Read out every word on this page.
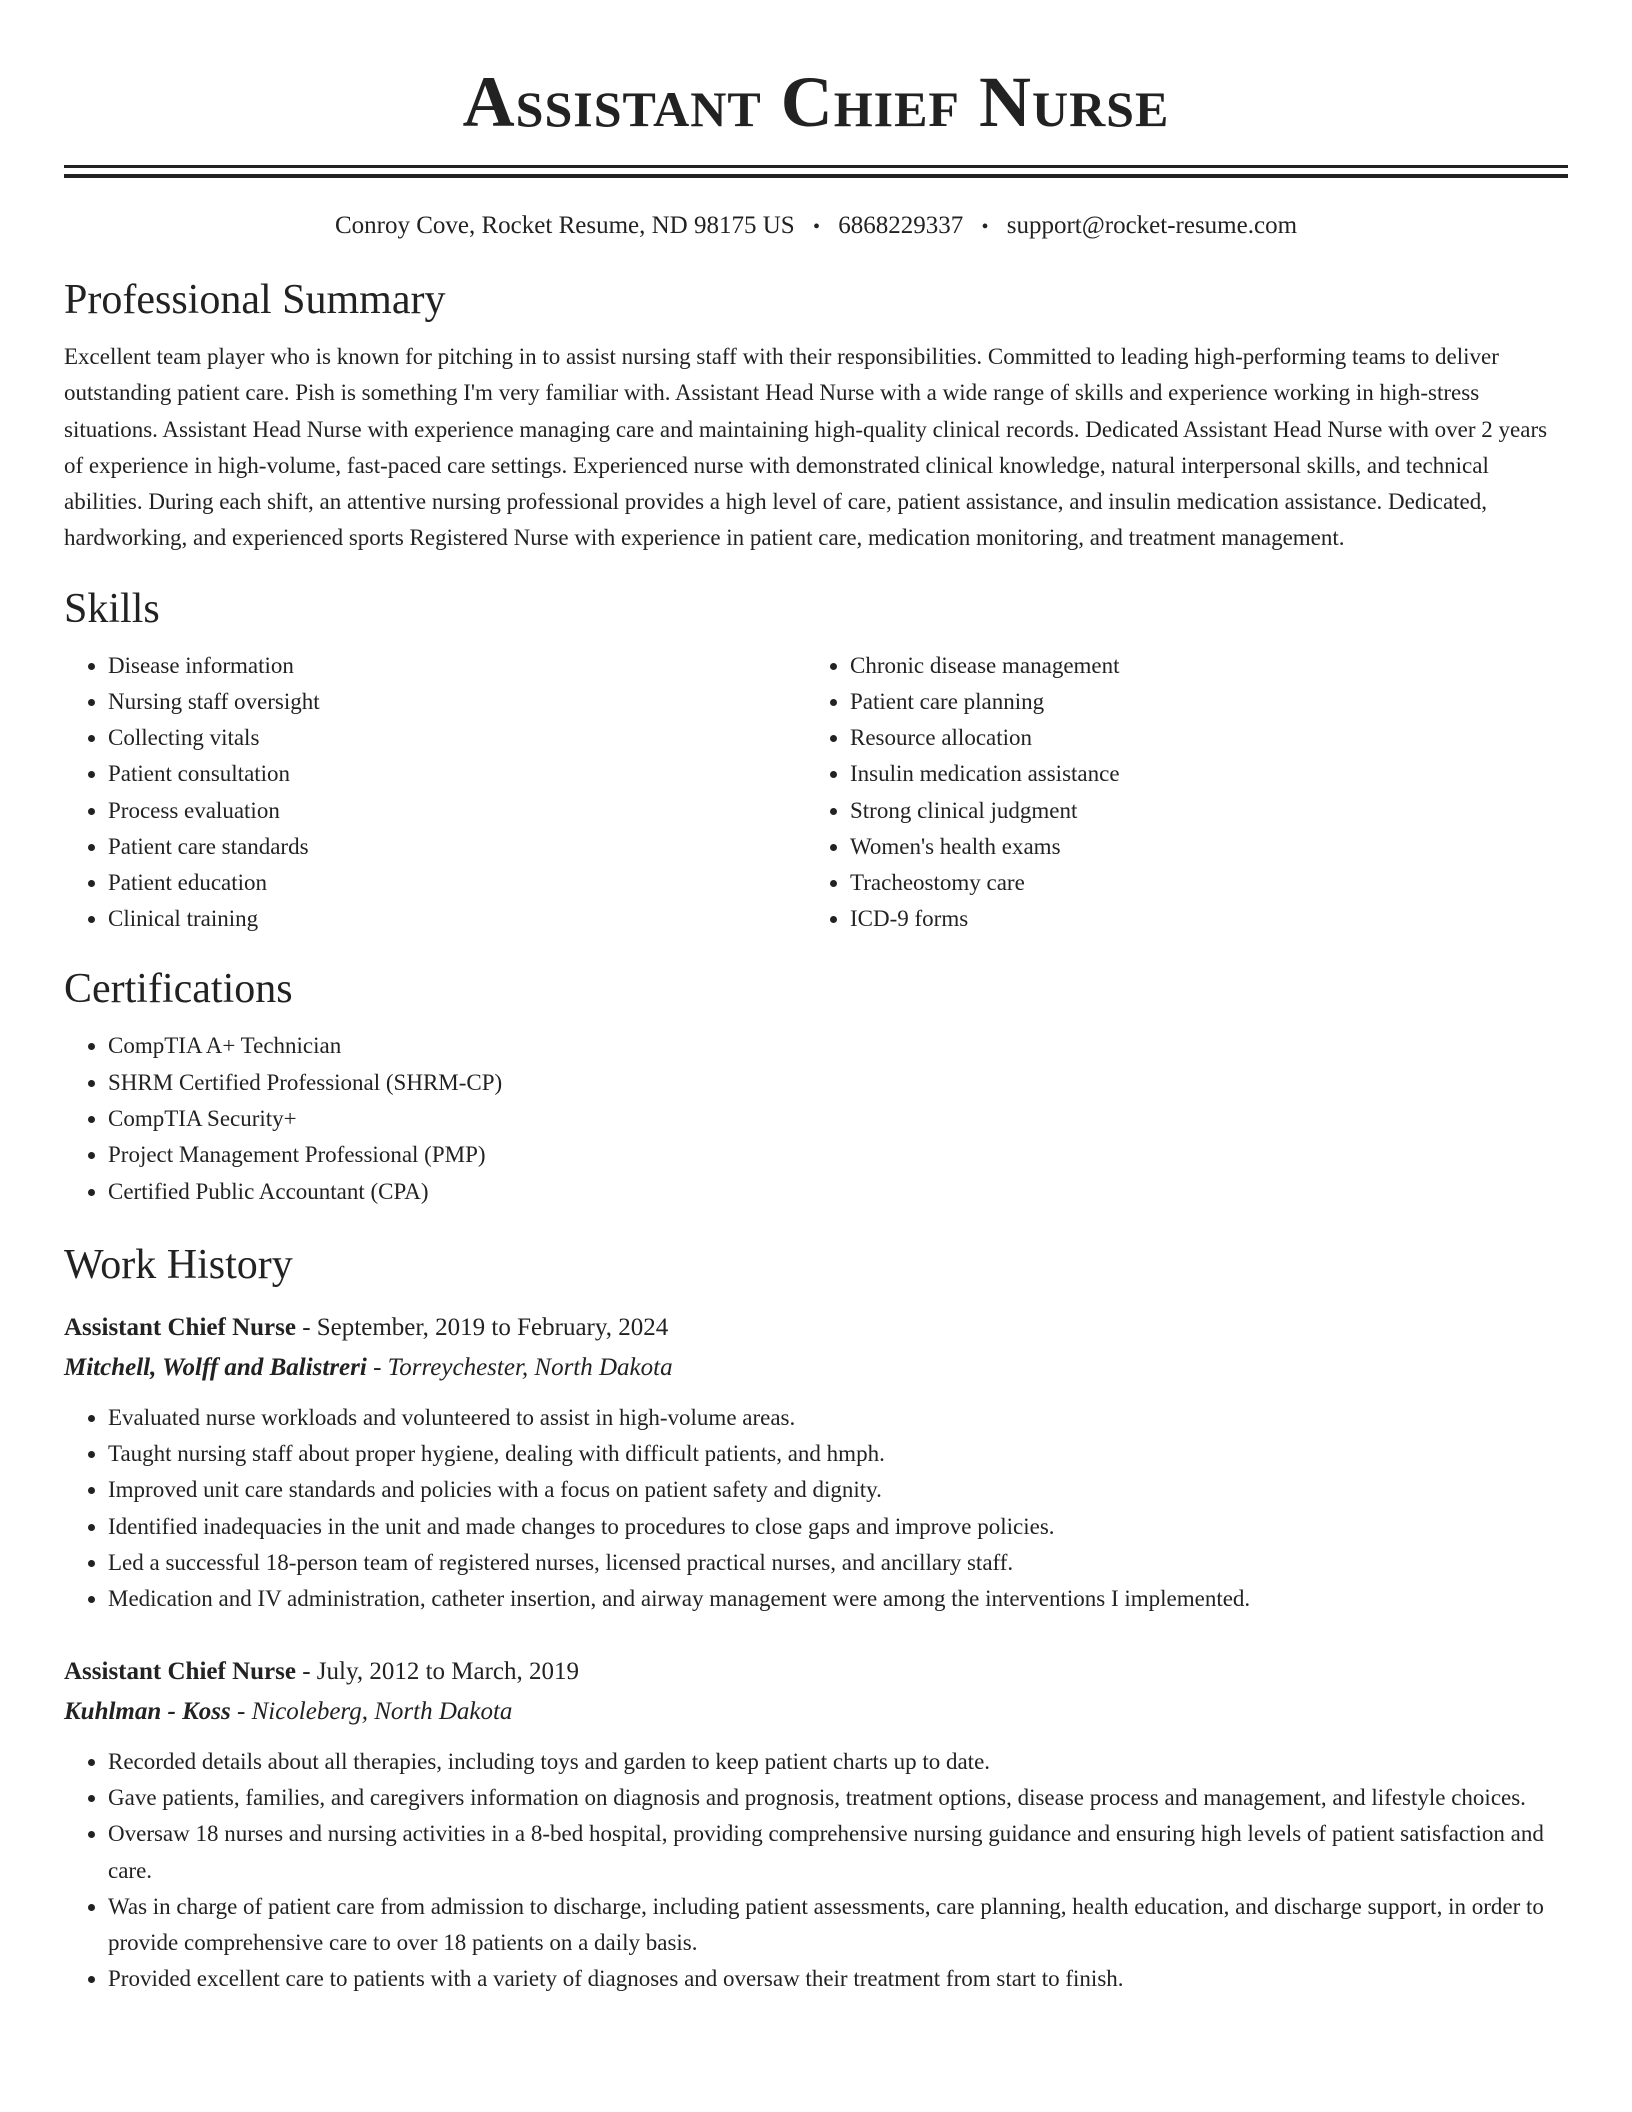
Assistant Chief Nurse
Conroy Cove, Rocket Resume, ND 98175 US • 6868229337 • support@rocket-resume.com
Professional Summary

Excellent team player who is known for pitching in to assist nursing staff with their responsibilities. Committed to leading high-performing teams to deliver outstanding patient care. Pish is something I'm very familiar with. Assistant Head Nurse with a wide range of skills and experience working in high-stress situations. Assistant Head Nurse with experience managing care and maintaining high-quality clinical records. Dedicated Assistant Head Nurse with over 2 years of experience in high-volume, fast-paced care settings. Experienced nurse with demonstrated clinical knowledge, natural interpersonal skills, and technical abilities. During each shift, an attentive nursing professional provides a high level of care, patient assistance, and insulin medication assistance. Dedicated, hardworking, and experienced sports Registered Nurse with experience in patient care, medication monitoring, and treatment management.

Skills
• Disease information
• Nursing staff oversight
• Collecting vitals
• Patient consultation
• Process evaluation
• Patient care standards
• Patient education
• Clinical training
• Chronic disease management
• Patient care planning
• Resource allocation
• Insulin medication assistance
• Strong clinical judgment
• Women's health exams
• Tracheostomy care
• ICD-9 forms
Certifications
• CompTIA A+ Technician
• SHRM Certified Professional (SHRM-CP)
• CompTIA Security+
• Project Management Professional (PMP)
• Certified Public Accountant (CPA)
Work History
Assistant Chief Nurse - September, 2019 to February, 2024
Mitchell, Wolff and Balistreri - Torreychester, North Dakota
• Evaluated nurse workloads and volunteered to assist in high-volume areas.
• Taught nursing staff about proper hygiene, dealing with difficult patients, and hmph.
• Improved unit care standards and policies with a focus on patient safety and dignity.
• Identified inadequacies in the unit and made changes to procedures to close gaps and improve policies.
• Led a successful 18-person team of registered nurses, licensed practical nurses, and ancillary staff.
• Medication and IV administration, catheter insertion, and airway management were among the interventions I implemented.
Assistant Chief Nurse - July, 2012 to March, 2019
Kuhlman - Koss - Nicoleberg, North Dakota
• Recorded details about all therapies, including toys and garden to keep patient charts up to date.
• Gave patients, families, and caregivers information on diagnosis and prognosis, treatment options, disease process and management, and lifestyle choices.
• Oversaw 18 nurses and nursing activities in a 8-bed hospital, providing comprehensive nursing guidance and ensuring high levels of patient satisfaction and care.
• Was in charge of patient care from admission to discharge, including patient assessments, care planning, health education, and discharge support, in order to provide comprehensive care to over 18 patients on a daily basis.
• Provided excellent care to patients with a variety of diagnoses and oversaw their treatment from start to finish.
